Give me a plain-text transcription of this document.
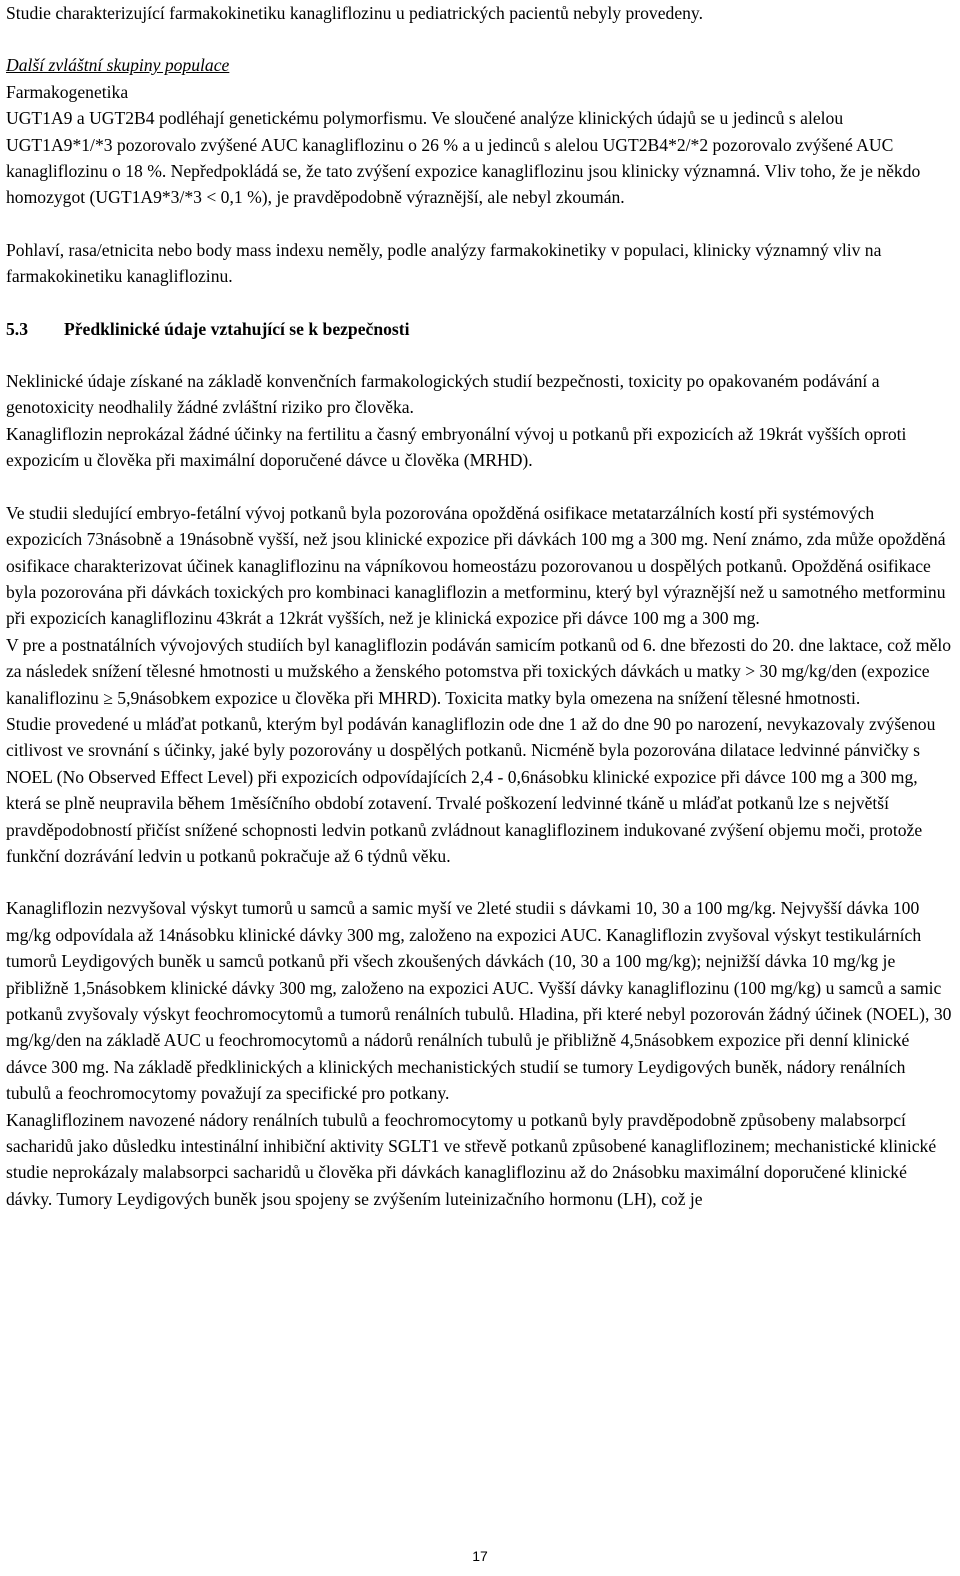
Studie charakterizující farmakokinetiku kanagliflozinu u pediatrických pacientů nebyly provedeny.

Další zvláštní skupiny populace

Farmakogenetika

UGT1A9 a UGT2B4 podléhají genetickému polymorfismu. Ve sloučené analýze klinických údajů se u jedinců s alelou UGT1A9*1/*3 pozorovalo zvýšené AUC kanagliflozinu o 26 % a u jedinců s alelou UGT2B4*2/*2 pozorovalo zvýšené AUC kanagliflozinu o 18 %. Nepředpokládá se, že tato zvýšení expozice kanagliflozinu jsou klinicky významná. Vliv toho, že je někdo homozygot (UGT1A9*3/*3 < 0,1 %), je pravděpodobně výraznější, ale nebyl zkoumán.

Pohlaví, rasa/etnicita nebo body mass indexu neměly, podle analýzy farmakokinetiky v populaci, klinicky významný vliv na farmakokinetiku kanagliflozinu.

5.3 Předklinické údaje vztahující se k bezpečnosti

Neklinické údaje získané na základě konvenčních farmakologických studií bezpečnosti, toxicity po opakovaném podávání a genotoxicity neodhalily žádné zvláštní riziko pro člověka.

Kanagliflozin neprokázal žádné účinky na fertilitu a časný embryonální vývoj u potkanů při expozicích až 19krát vyšších oproti expozicím u člověka při maximální doporučené dávce u člověka (MRHD).

Ve studii sledující embryo-fetální vývoj potkanů byla pozorována opožděná osifikace metatarzálních kostí při systémových expozicích 73násobně a 19násobně vyšší, než jsou klinické expozice při dávkách 100 mg a 300 mg. Není známo, zda může opožděná osifikace charakterizovat účinek kanagliflozinu na vápníkovou homeostázu pozorovanou u dospělých potkanů. Opožděná osifikace byla pozorována při dávkách toxických pro kombinaci kanagliflozin a metforminu, který byl výraznější než u samotného metforminu při expozicích kanagliflozinu 43krát a 12krát vyšších, než je klinická expozice při dávce 100 mg a 300 mg.

V pre a postnatálních vývojových studiích byl kanagliflozin podáván samicím potkanů od 6. dne březosti do 20. dne laktace, což mělo za následek snížení tělesné hmotnosti u mužského a ženského potomstva při toxických dávkách u matky > 30 mg/kg/den (expozice kanaliflozinu ≥ 5,9násobkem expozice u člověka při MHRD). Toxicita matky byla omezena na snížení tělesné hmotnosti.

Studie provedené u mláďat potkanů, kterým byl podáván kanagliflozin ode dne 1 až do dne 90 po narození, nevykazovaly zvýšenou citlivost ve srovnání s účinky, jaké byly pozorovány u dospělých potkanů. Nicméně byla pozorována dilatace ledvinné pánvičky s NOEL (No Observed Effect Level) při expozicích odpovídajících 2,4 - 0,6násobku klinické expozice při dávce 100 mg a 300 mg, která se plně neupravila během 1měsíčního období zotavení. Trvalé poškození ledvinné tkáně u mláďat potkanů lze s největší pravděpodobností přičíst snížené schopnosti ledvin potkanů zvládnout kanagliflozinem indukované zvýšení objemu moči, protože funkční dozrávání ledvin u potkanů pokračuje až 6 týdnů věku.

Kanagliflozin nezvyšoval výskyt tumorů u samců a samic myší ve 2leté studii s dávkami 10, 30 a 100 mg/kg. Nejvyšší dávka 100 mg/kg odpovídala až 14násobku klinické dávky 300 mg, založeno na expozici AUC. Kanagliflozin zvyšoval výskyt testikulárních tumorů Leydigových buněk u samců potkanů při všech zkoušených dávkách (10, 30 a 100 mg/kg); nejnižší dávka 10 mg/kg je přibližně 1,5násobkem klinické dávky 300 mg, založeno na expozici AUC. Vyšší dávky kanagliflozinu (100 mg/kg) u samců a samic potkanů zvyšovaly výskyt feochromocytomů a tumorů renálních tubulů. Hladina, při které nebyl pozorován žádný účinek (NOEL), 30 mg/kg/den na základě AUC u feochromocytomů a nádorů renálních tubulů je přibližně 4,5násobkem expozice při denní klinické dávce 300 mg. Na základě předklinických a klinických mechanistických studií se tumory Leydigových buněk, nádory renálních tubulů a feochromocytomy považují za specifické pro potkany.

Kanagliflozinem navozené nádory renálních tubulů a feochromocytomy u potkanů byly pravděpodobně způsobeny malabsorpcí sacharidů jako důsledku intestinální inhibiční aktivity SGLT1 ve střevě potkanů způsobené kanagliflozinem; mechanistické klinické studie neprokázaly malabsorpci sacharidů u člověka při dávkách kanagliflozinu až do 2násobku maximální doporučené klinické dávky. Tumory Leydigových buněk jsou spojeny se zvýšením luteinizačního hormonu (LH), což je

17
